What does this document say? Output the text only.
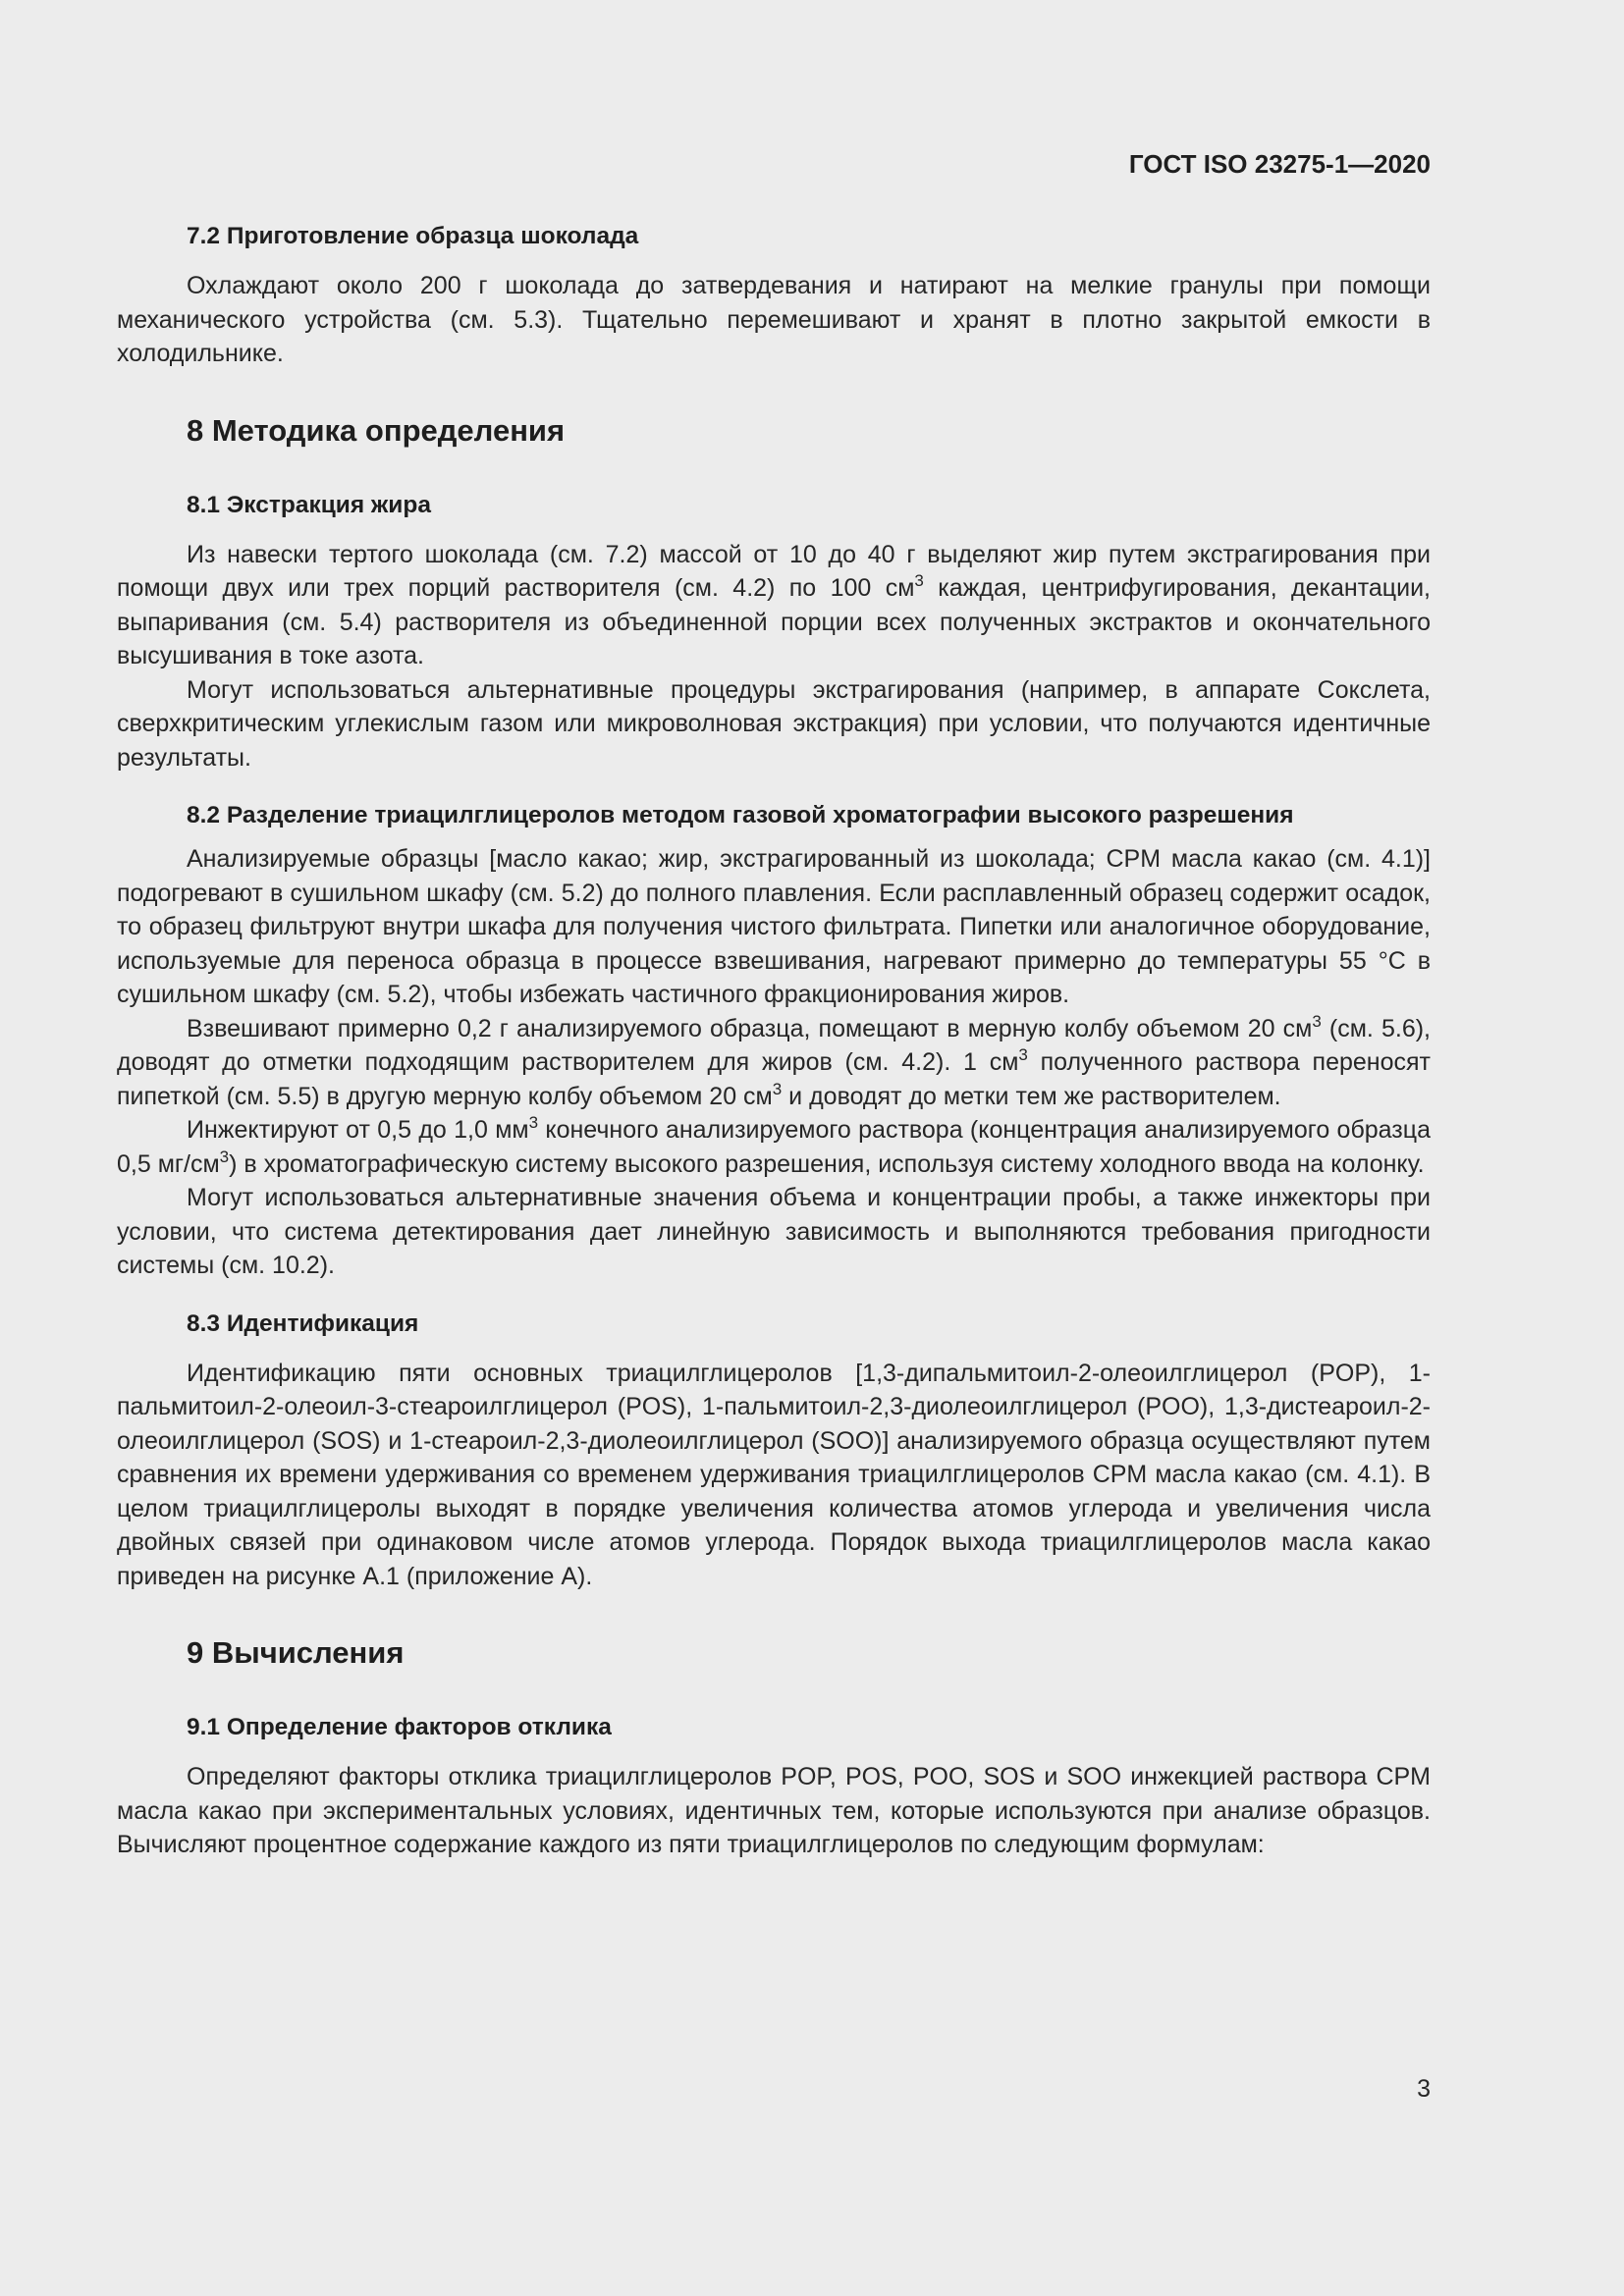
ГОСТ ISO 23275-1—2020
7.2 Приготовление образца шоколада

Охлаждают около 200 г шоколада до затвердевания и натирают на мелкие гранулы при помощи механического устройства (см. 5.3). Тщательно перемешивают и хранят в плотно закрытой емкости в холодильнике.

8 Методика определения
8.1 Экстракция жира

Из навески тертого шоколада (см. 7.2) массой от 10 до 40 г выделяют жир путем экстрагирования при помощи двух или трех порций растворителя (см. 4.2) по 100 $см^3$ каждая, центрифугирования, декантации, выпаривания (см. 5.4) растворителя из объединенной порции всех полученных экстрактов и окончательного высушивания в токе азота.

Могут использоваться альтернативные процедуры экстрагирования (например, в аппарате Сокслета, сверхкритическим углекислым газом или микроволновая экстракция) при условии, что получаются идентичные результаты.

8.2 Разделение триацилглицеролов методом газовой хроматографии высокого разрешения

Анализируемые образцы [масло какао; жир, экстрагированный из шоколада; CPM масла какао (см. 4.1)] подогревают в сушильном шкафу (см. 5.2) до полного плавления. Если расплавленный образец содержит осадок, то образец фильтруют внутри шкафа для получения чистого фильтрата. Пипетки или аналогичное оборудование, используемые для переноса образца в процессе взвешивания, нагревают примерно до температуры 55 °С в сушильном шкафу (см. 5.2), чтобы избежать частичного фракционирования жиров.

Взвешивают примерно 0,2 г анализируемого образца, помещают в мерную колбу объемом 20 $см^3$ (см. 5.6), доводят до отметки подходящим растворителем для жиров (см. 4.2). 1 $см^3$ полученного раствора переносят пипеткой (см. 5.5) в другую мерную колбу объемом 20 $см^3$ и доводят до метки тем же растворителем.

Инжектируют от 0,5 до 1,0 $мм^3$ конечного анализируемого раствора (концентрация анализируемого образца 0,5 $мг/см^3$) в хроматографическую систему высокого разрешения, используя систему холодного ввода на колонку.

Могут использоваться альтернативные значения объема и концентрации пробы, а также инжекторы при условии, что система детектирования дает линейную зависимость и выполняются требования пригодности системы (см. 10.2).

8.3 Идентификация

Идентификацию пяти основных триацилглицеролов [1,3-дипальмитоил-2-олеоилглицерол (POP), 1-пальмитоил-2-олеоил-3-стеароилглицерол (POS), 1-пальмитоил-2,3-диолеоилглицерол (POO), 1,3-дистеароил-2-олеоилглицерол (SOS) и 1-стеароил-2,3-диолеоилглицерол (SOO)] анализируемого образца осуществляют путем сравнения их времени удерживания со временем удерживания триацилглицеролов CPM масла какао (см. 4.1). В целом триацилглицеролы выходят в порядке увеличения количества атомов углерода и увеличения числа двойных связей при одинаковом числе атомов углерода. Порядок выхода триацилглицеролов масла какао приведен на рисунке А.1 (приложение А).

9 Вычисления
9.1 Определение факторов отклика

Определяют факторы отклика триацилглицеролов POP, POS, POO, SOS и SOO инжекцией раствора CPM масла какао при экспериментальных условиях, идентичных тем, которые используются при анализе образцов. Вычисляют процентное содержание каждого из пяти триацилглицеролов по следующим формулам:

3
